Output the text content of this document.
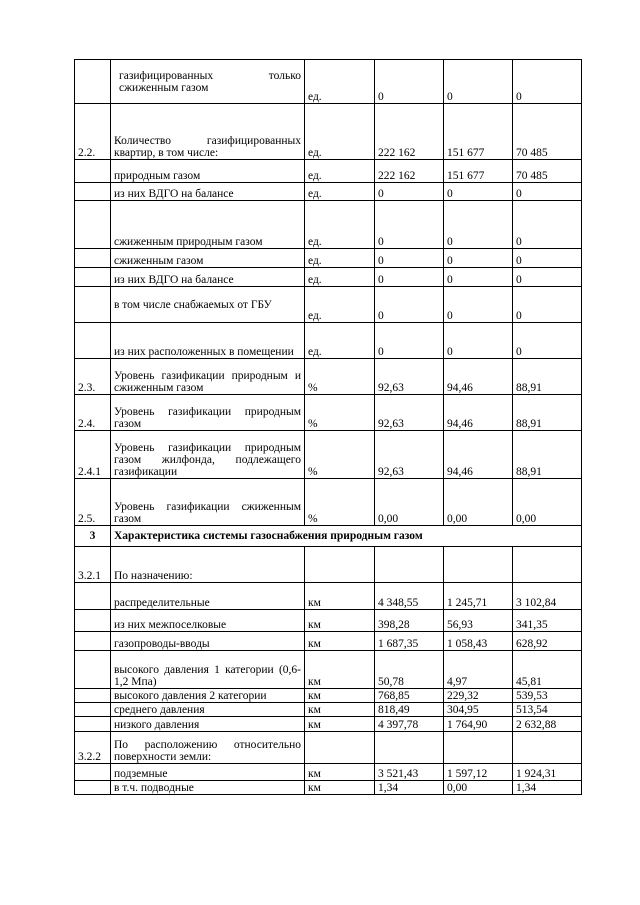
	газифицированных только сжиженным газом	ед.	0	0	0
2.2.	Количество газифицированных квартир, в том числе:	ед.	222 162	151 677	70 485
	природным газом	ед.	222 162	151 677	70 485
	из них ВДГО на балансе	ед.	0	0	0
	сжиженным природным газом	ед.	0	0	0
	сжиженным газом	ед.	0	0	0
	из них ВДГО на балансе	ед.	0	0	0
	в том числе снабжаемых от ГБУ	ед.	0	0	0
	из них расположенных в помещении	ед.	0	0	0
2.3.	Уровень газификации природным и сжиженным газом	%	92,63	94,46	88,91
2.4.	Уровень газификации природным газом	%	92,63	94,46	88,91
2.4.1	Уровень газификации природным газом жилфонда, подлежащего газификации	%	92,63	94,46	88,91
2.5.	Уровень газификации сжиженным газом	%	0,00	0,00	0,00
3	Характеристика системы газоснабжения природным газом				
3.2.1	По назначению:				
	распределительные	км	4 348,55	1 245,71	3 102,84
	из них межпоселковые	км	398,28	56,93	341,35
	газопроводы-вводы	км	1 687,35	1 058,43	628,92
	высокого давления 1 категории (0,6-1,2 Мпа)	км	50,78	4,97	45,81
	высокого давления 2 категории	км	768,85	229,32	539,53
	среднего давления	км	818,49	304,95	513,54
	низкого давления	км	4 397,78	1 764,90	2 632,88
3.2.2	По расположению относительно поверхности земли:				
	подземные	км	3 521,43	1 597,12	1 924,31
	в т.ч. подводные	км	1,34	0,00	1,34
